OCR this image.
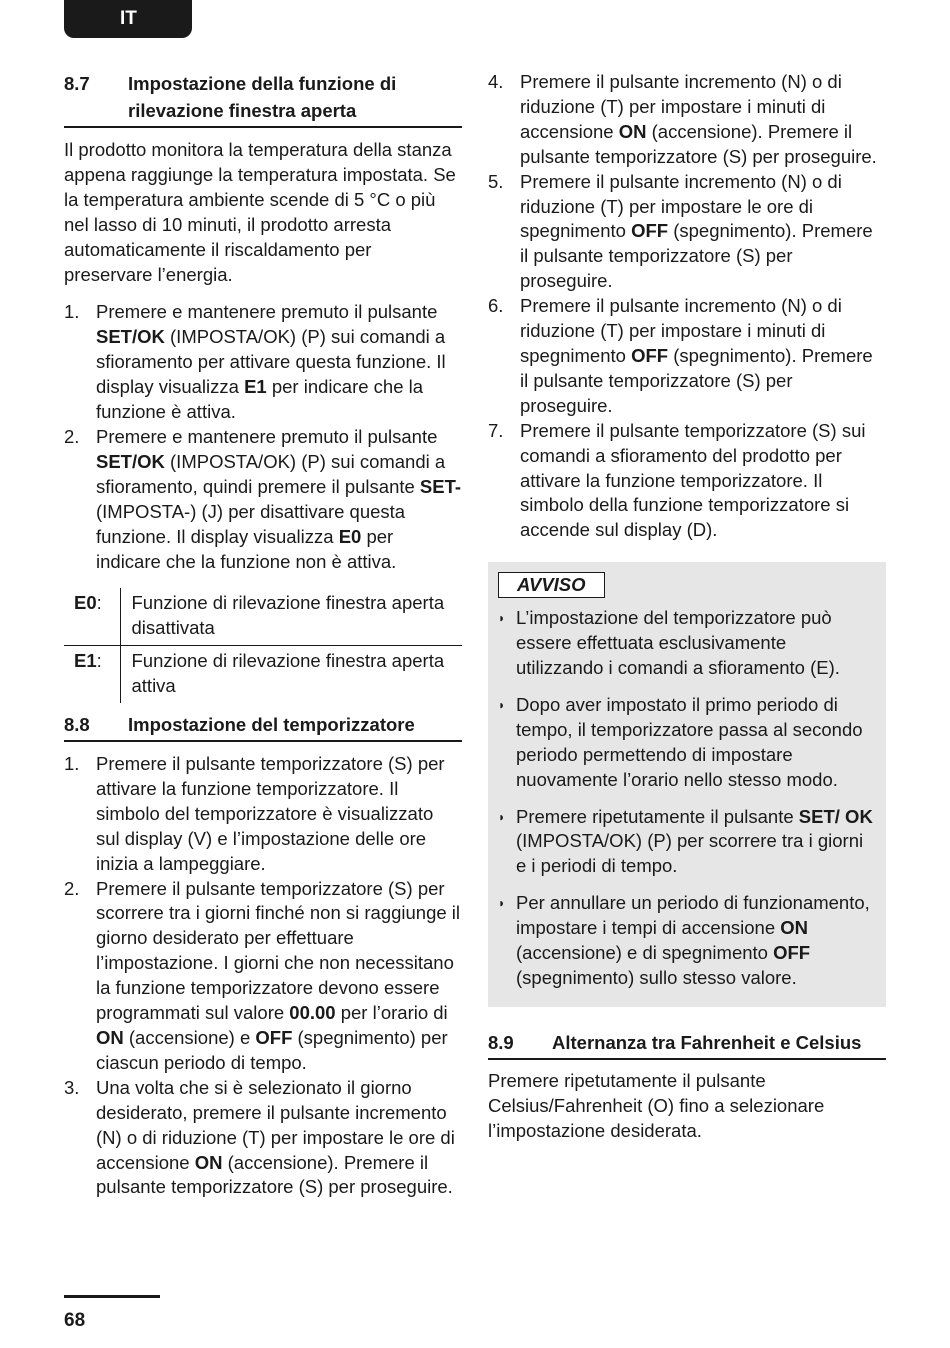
IT
8.7	Impostazione della funzione di rilevazione finestra aperta

Il prodotto monitora la temperatura della stanza appena raggiunge la temperatura impostata. Se la temperatura ambiente scende di 5 °C o più nel lasso di 10 minuti, il prodotto arresta automaticamente il riscaldamento per preservare l’energia.

1. Premere e mantenere premuto il pulsante SET/OK (IMPOSTA/OK) (P) sui comandi a sfioramento per attivare questa funzione. Il display visualizza E1 per indicare che la funzione è attiva.
2. Premere e mantenere premuto il pulsante SET/OK (IMPOSTA/OK) (P) sui comandi a sfioramento, quindi premere il pulsante SET- (IMPOSTA-) (J) per disattivare questa funzione. Il display visualizza E0 per indicare che la funzione non è attiva.
E0:	Funzione di rilevazione finestra aperta disattivata
E1:	Funzione di rilevazione finestra aperta attiva
8.8	Impostazione del temporizzatore
1. Premere il pulsante temporizzatore (S) per attivare la funzione temporizzatore. Il simbolo del temporizzatore è visualizzato sul display (V) e l’impostazione delle ore inizia a lampeggiare.
2. Premere il pulsante temporizzatore (S) per scorrere tra i giorni finché non si raggiunge il giorno desiderato per effettuare l’impostazione. I giorni che non necessitano la funzione temporizzatore devono essere programmati sul valore 00.00 per l’orario di ON (accensione) e OFF (spegnimento) per ciascun periodo di tempo.
3. Una volta che si è selezionato il giorno desiderato, premere il pulsante incremento (N) o di riduzione (T) per impostare le ore di accensione ON (accensione). Premere il pulsante temporizzatore (S) per proseguire.
4. Premere il pulsante incremento (N) o di riduzione (T) per impostare i minuti di accensione ON (accensione). Premere il pulsante temporizzatore (S) per proseguire.
5. Premere il pulsante incremento (N) o di riduzione (T) per impostare le ore di spegnimento OFF (spegnimento). Premere il pulsante temporizzatore (S) per proseguire.
6. Premere il pulsante incremento (N) o di riduzione (T) per impostare i minuti di spegnimento OFF (spegnimento). Premere il pulsante temporizzatore (S) per proseguire.
7. Premere il pulsante temporizzatore (S) sui comandi a sfioramento del prodotto per attivare la funzione temporizzatore. Il simbolo della funzione temporizzatore si accende sul display (D).
AVVISO
◗ L’impostazione del temporizzatore può essere effettuata esclusivamente utilizzando i comandi a sfioramento (E).
◗ Dopo aver impostato il primo periodo di tempo, il temporizzatore passa al secondo periodo permettendo di impostare nuovamente l’orario nello stesso modo.
◗ Premere ripetutamente il pulsante SET/ OK (IMPOSTA/OK) (P) per scorrere tra i giorni e i periodi di tempo.
◗ Per annullare un periodo di funzionamento, impostare i tempi di accensione ON (accensione) e di spegnimento OFF (spegnimento) sullo stesso valore.
8.9	Alternanza tra Fahrenheit e Celsius

Premere ripetutamente il pulsante Celsius/Fahrenheit (O) fino a selezionare l’impostazione desiderata.

68
